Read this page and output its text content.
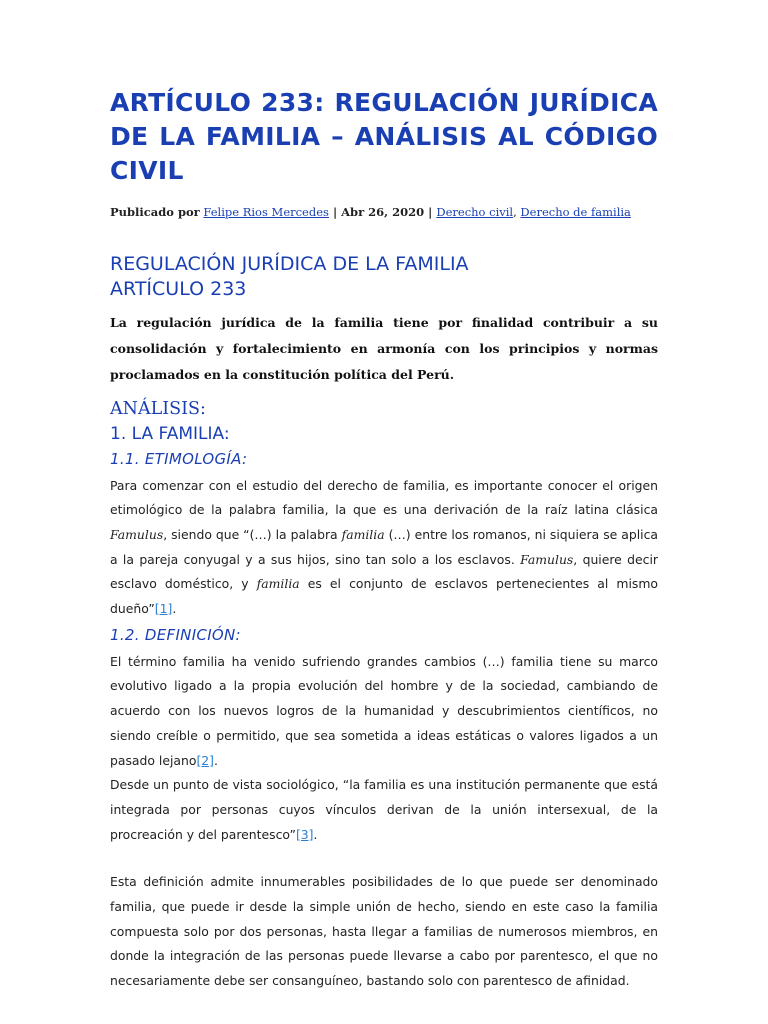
ARTÍCULO 233: REGULACIÓN JURÍDICA DE LA FAMILIA – ANÁLISIS AL CÓDIGO CIVIL
Publicado por Felipe Rios Mercedes | Abr 26, 2020 | Derecho civil, Derecho de familia
REGULACIÓN JURÍDICA DE LA FAMILIA
ARTÍCULO 233

La regulación jurídica de la familia tiene por finalidad contribuir a su consolidación y fortalecimiento en armonía con los principios y normas proclamados en la constitución política del Perú.

ANÁLISIS:
1. LA FAMILIA:
1.1. ETIMOLOGÍA:

Para comenzar con el estudio del derecho de familia, es importante conocer el origen etimológico de la palabra familia, la que es una derivación de la raíz latina clásica Famulus, siendo que “(…) la palabra familia (…) entre los romanos, ni siquiera se aplica a la pareja conyugal y a sus hijos, sino tan solo a los esclavos. Famulus, quiere decir esclavo doméstico, y familia es el conjunto de esclavos pertenecientes al mismo dueño”[1].

1.2. DEFINICIÓN:

El término familia ha venido sufriendo grandes cambios (…) familia tiene su marco evolutivo ligado a la propia evolución del hombre y de la sociedad, cambiando de acuerdo con los nuevos logros de la humanidad y descubrimientos científicos, no siendo creíble o permitido, que sea sometida a ideas estáticas o valores ligados a un pasado lejano[2].

Desde un punto de vista sociológico, “la familia es una institución permanente que está integrada por personas cuyos vínculos derivan de la unión intersexual, de la procreación y del parentesco”[3].

Esta definición admite innumerables posibilidades de lo que puede ser denominado familia, que puede ir desde la simple unión de hecho, siendo en este caso la familia compuesta solo por dos personas, hasta llegar a familias de numerosos miembros, en donde la integración de las personas puede llevarse a cabo por parentesco, el que no necesariamente debe ser consanguíneo, bastando solo con parentesco de afinidad.
